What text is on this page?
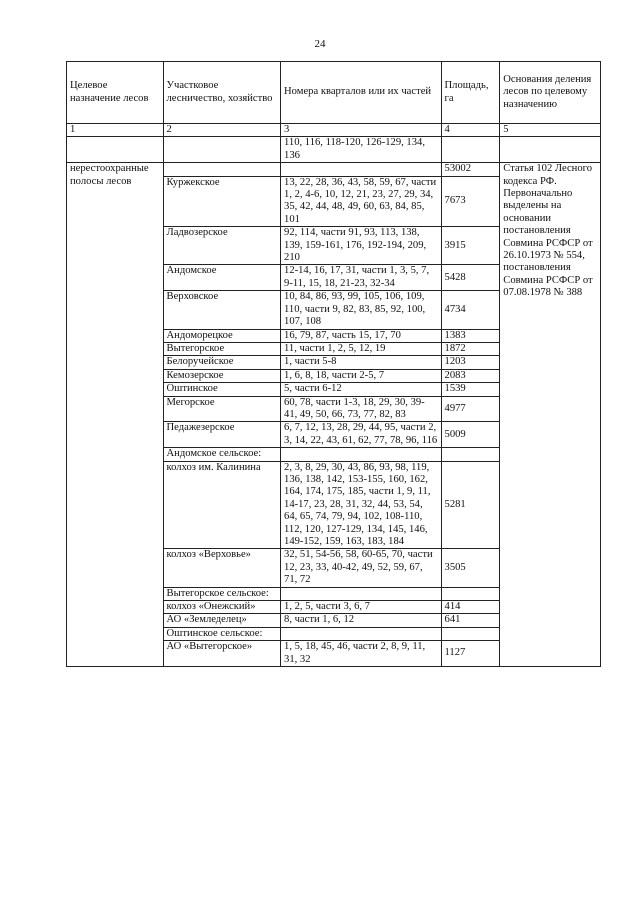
24
Целевое назначение лесов	Участковое лесничество, хозяйство	Номера кварталов или их частей	Площадь, га	Основания деления лесов по целевому назначению
1	2	3	4	5
		110, 116, 118-120, 126-129, 134, 136		
нерестоохранные полосы лесов			53002	Статья 102 Лесного кодекса РФ. Первоначально выделены на основании постановления Совмина РСФСР от 26.10.1973 № 554, постановления Совмина РСФСР от 07.08.1978 № 388
	Куржекское	13, 22, 28, 36, 43, 58, 59, 67, части 1, 2, 4-6, 10, 12, 21, 23, 27, 29, 34, 35, 42, 44, 48, 49, 60, 63, 84, 85, 101	7673	
	Ладвозерское	92, 114, части 91, 93, 113, 138, 139, 159-161, 176, 192-194, 209, 210	3915	
	Андомское	12-14, 16, 17, 31, части 1, 3, 5, 7, 9-11, 15, 18, 21-23, 32-34	5428	
	Верховское	10, 84, 86, 93, 99, 105, 106, 109, 110, части 9, 82, 83, 85, 92, 100, 107, 108	4734	
	Андоморецкое	16, 79, 87, часть 15, 17, 70	1383	
	Вытегорское	11, части 1, 2, 5, 12, 19	1872	
	Белоручейское	1, части 5-8	1203	
	Кемозерское	1, 6, 8, 18, части 2-5, 7	2083	
	Оштинское	5, части 6-12	1539	
	Мегорское	60, 78, части 1-3, 18, 29, 30, 39-41, 49, 50, 66, 73, 77, 82, 83	4977	
	Педажезерское	6, 7, 12, 13, 28, 29, 44, 95, части 2, 3, 14, 22, 43, 61, 62, 77, 78, 96, 116	5009	
	Андомское сельское:			
	колхоз им. Калинина	2, 3, 8, 29, 30, 43, 86, 93, 98, 119, 136, 138, 142, 153-155, 160, 162, 164, 174, 175, 185, части 1, 9, 11, 14-17, 23, 28, 31, 32, 44, 53, 54, 64, 65, 74, 79, 94, 102, 108-110, 112, 120, 127-129, 134, 145, 146, 149-152, 159, 163, 183, 184	5281	
	колхоз «Верховье»	32, 51, 54-56, 58, 60-65, 70, части 12, 23, 33, 40-42, 49, 52, 59, 67, 71, 72	3505	
	Вытегорское сельское:			
	колхоз «Онежский»	1, 2, 5, части 3, 6, 7	414	
	АО «Земледелец»	8, части 1, 6, 12	641	
	Оштинское сельское:			
	АО «Вытегорское»	1, 5, 18, 45, 46, части 2, 8, 9, 11, 31, 32	1127	
